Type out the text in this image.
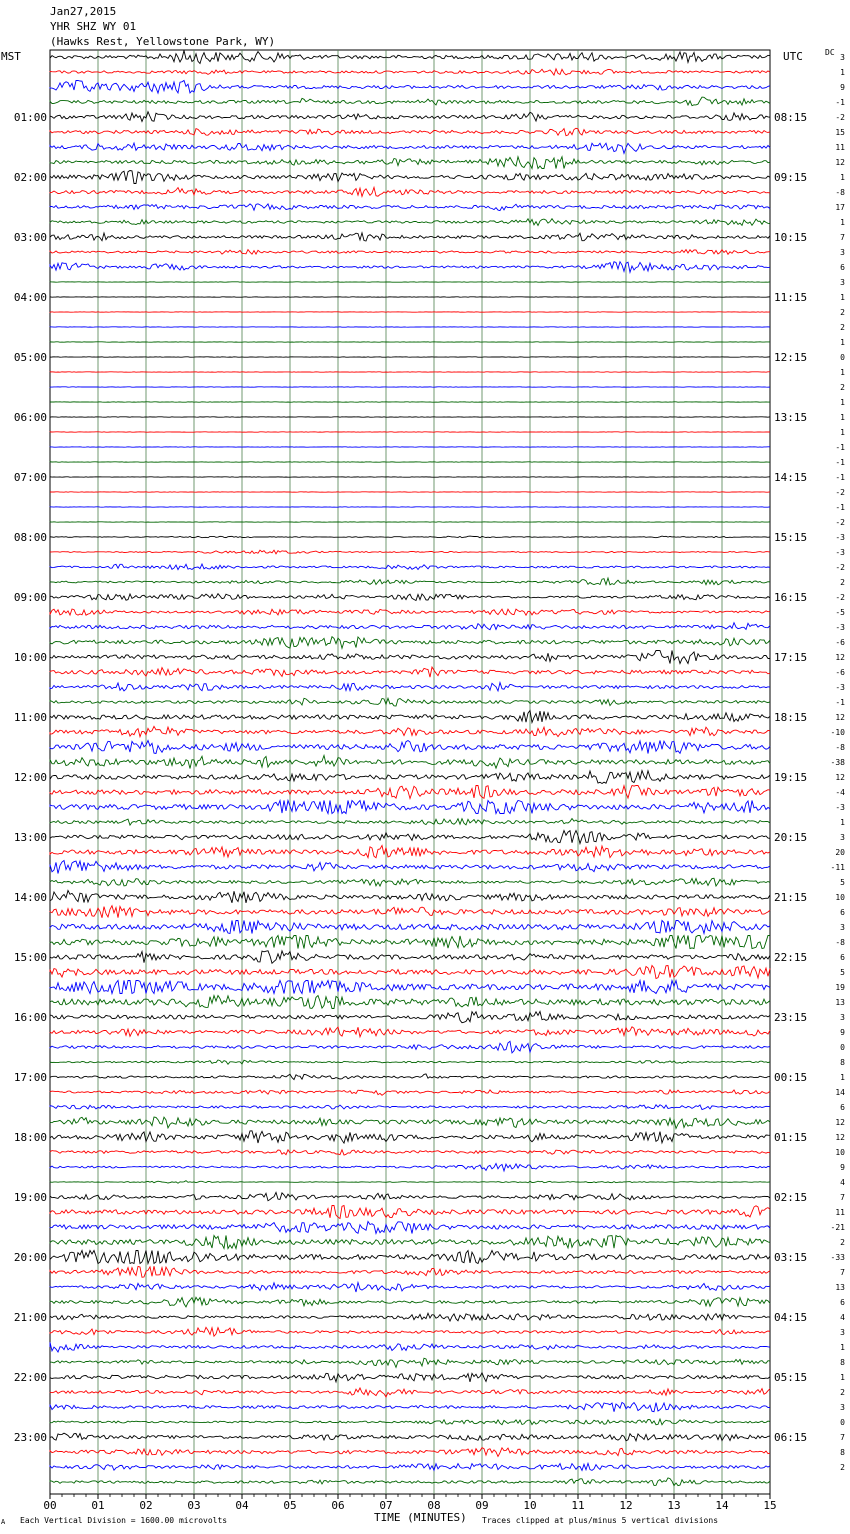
Jan27,2015
YHR SHZ WY 01
(Hawks Rest, Yellowstone Park, WY)
MST	UTC	DC
01:00
02:00
03:00
04:00
05:00
06:00
07:00
08:00
09:00
10:00
11:00
12:00
13:00
14:00
15:00
16:00
17:00
18:00
19:00
20:00
21:00
22:00
23:00
08:15
09:15
10:15
11:15
12:15
13:15
14:15
15:15
16:15
17:15
18:15
19:15
20:15
21:15
22:15
23:15
00:15
01:15
02:15
03:15
04:15
05:15
06:15
3
1
9
-1
-2
15
11
12
1
-8
17
1
7
3
6
3
1
2
2
1
0
1
2
1
1
1
-1
-1
-1
-2
-1
-2
-3
-3
-2
2
-2
-5
-3
-6
12
-6
-3
-1
12
-10
-8
-38
12
-4
-3
1
3
20
-11
5
10
6
3
-8
6
5
19
13
3
9
0
8
1
14
6
12
12
10
9
4
7
11
-21
2
-33
7
13
6
4
3
1
8
1
2
3
0
7
8
2
00	01	02	03	04	05	06	07	08	09	10	11	12	13	14	15
A Each Vertical Division = 1600.00 microvolts	TIME (MINUTES) Traces clipped at plus/minus 5 vertical divisions
